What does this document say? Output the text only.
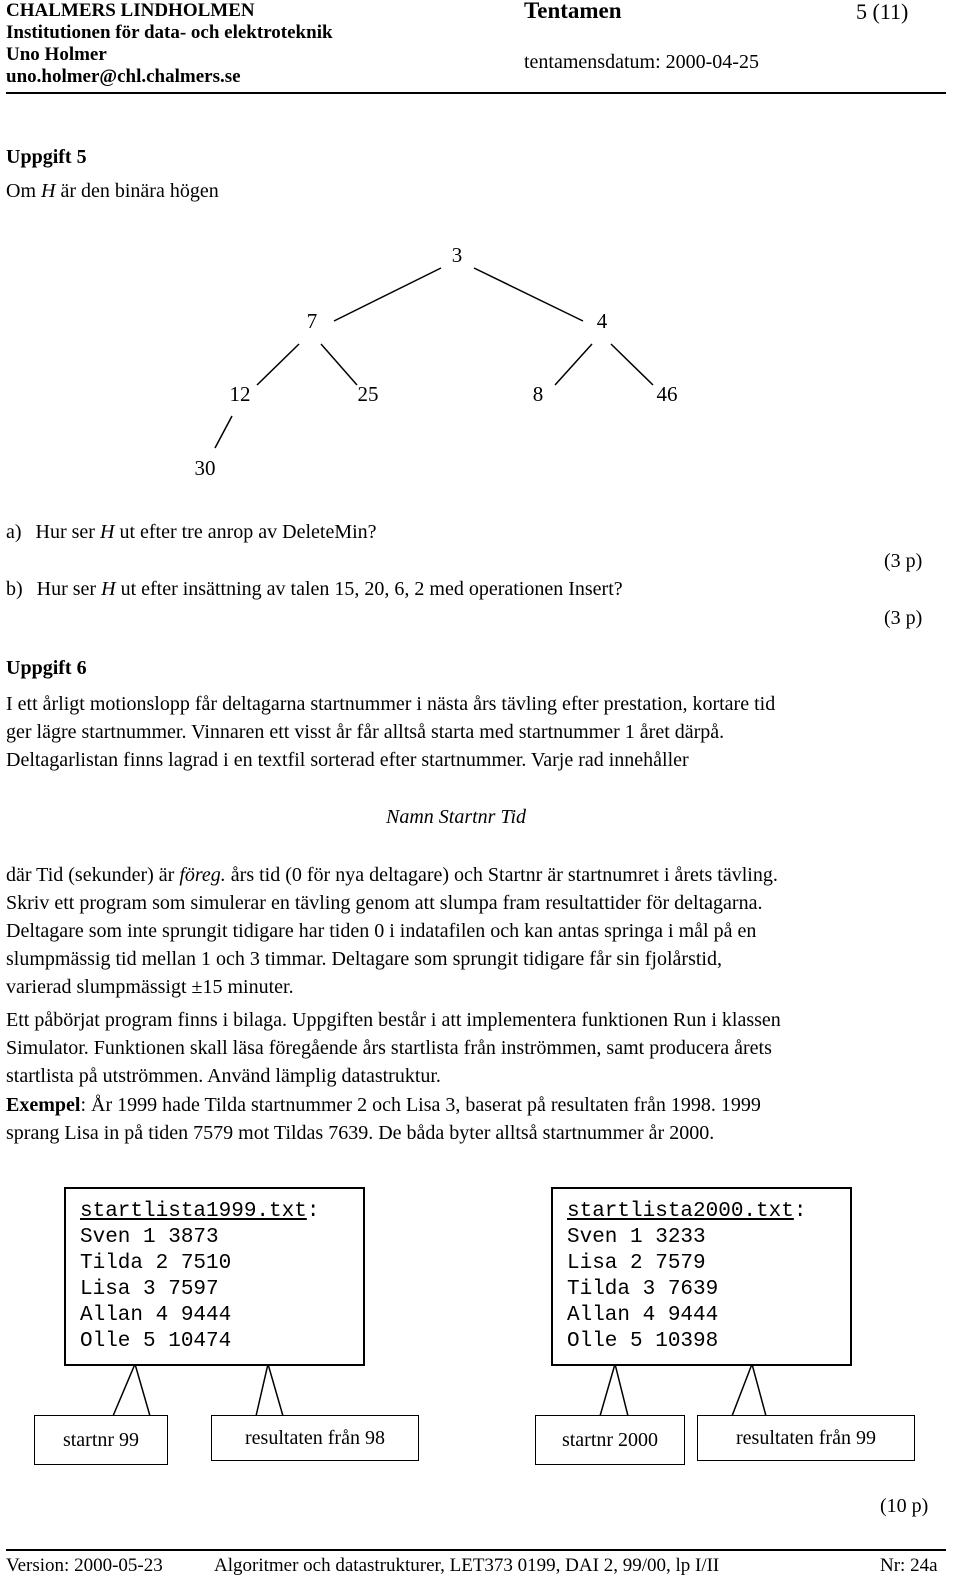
CHALMERS LINDHOLMEN
Institutionen för data- och elektroteknik
Uno Holmer
uno.holmer@chl.chalmers.se
Tentamen	5 (11)
tentamensdatum: 2000-04-25
Uppgift 5
Om H är den binära högen
3
7	4
12	25	8	46
30
a) Hur ser H ut efter tre anrop av DeleteMin?
(3 p)
b) Hur ser H ut efter insättning av talen 15, 20, 6, 2 med operationen Insert?
(3 p)
Uppgift 6
I ett årligt motionslopp får deltagarna startnummer i nästa års tävling efter prestation, kortare tid
ger lägre startnummer. Vinnaren ett visst år får alltså starta med startnummer 1 året därpå.
Deltagarlistan finns lagrad i en textfil sorterad efter startnummer. Varje rad innehåller
Namn Startnr Tid
där Tid (sekunder) är föreg. års tid (0 för nya deltagare) och Startnr är startnumret i årets tävling.
Skriv ett program som simulerar en tävling genom att slumpa fram resultattider för deltagarna.
Deltagare som inte sprungit tidigare har tiden 0 i indatafilen och kan antas springa i mål på en
slumpmässig tid mellan 1 och 3 timmar. Deltagare som sprungit tidigare får sin fjolårstid,
varierad slumpmässigt ±15 minuter.
Ett påbörjat program finns i bilaga. Uppgiften består i att implementera funktionen Run i klassen
Simulator. Funktionen skall läsa föregående års startlista från inströmmen, samt producera årets
startlista på utströmmen. Använd lämplig datastruktur.
Exempel: År 1999 hade Tilda startnummer 2 och Lisa 3, baserat på resultaten från 1998. 1999
sprang Lisa in på tiden 7579 mot Tildas 7639. De båda byter alltså startnummer år 2000.
startlista1999.txt:
Sven 1 3873
Tilda 2 7510
Lisa 3 7597
Allan 4 9444
Olle 5 10474
startlista2000.txt:
Sven 1 3233
Lisa 2 7579
Tilda 3 7639
Allan 4 9444
Olle 5 10398
startnr 99	resultaten från 98	startnr 2000	resultaten från 99
(10 p)
Version: 2000-05-23	Algoritmer och datastrukturer, LET373 0199, DAI 2, 99/00, lp I/II	Nr: 24a
